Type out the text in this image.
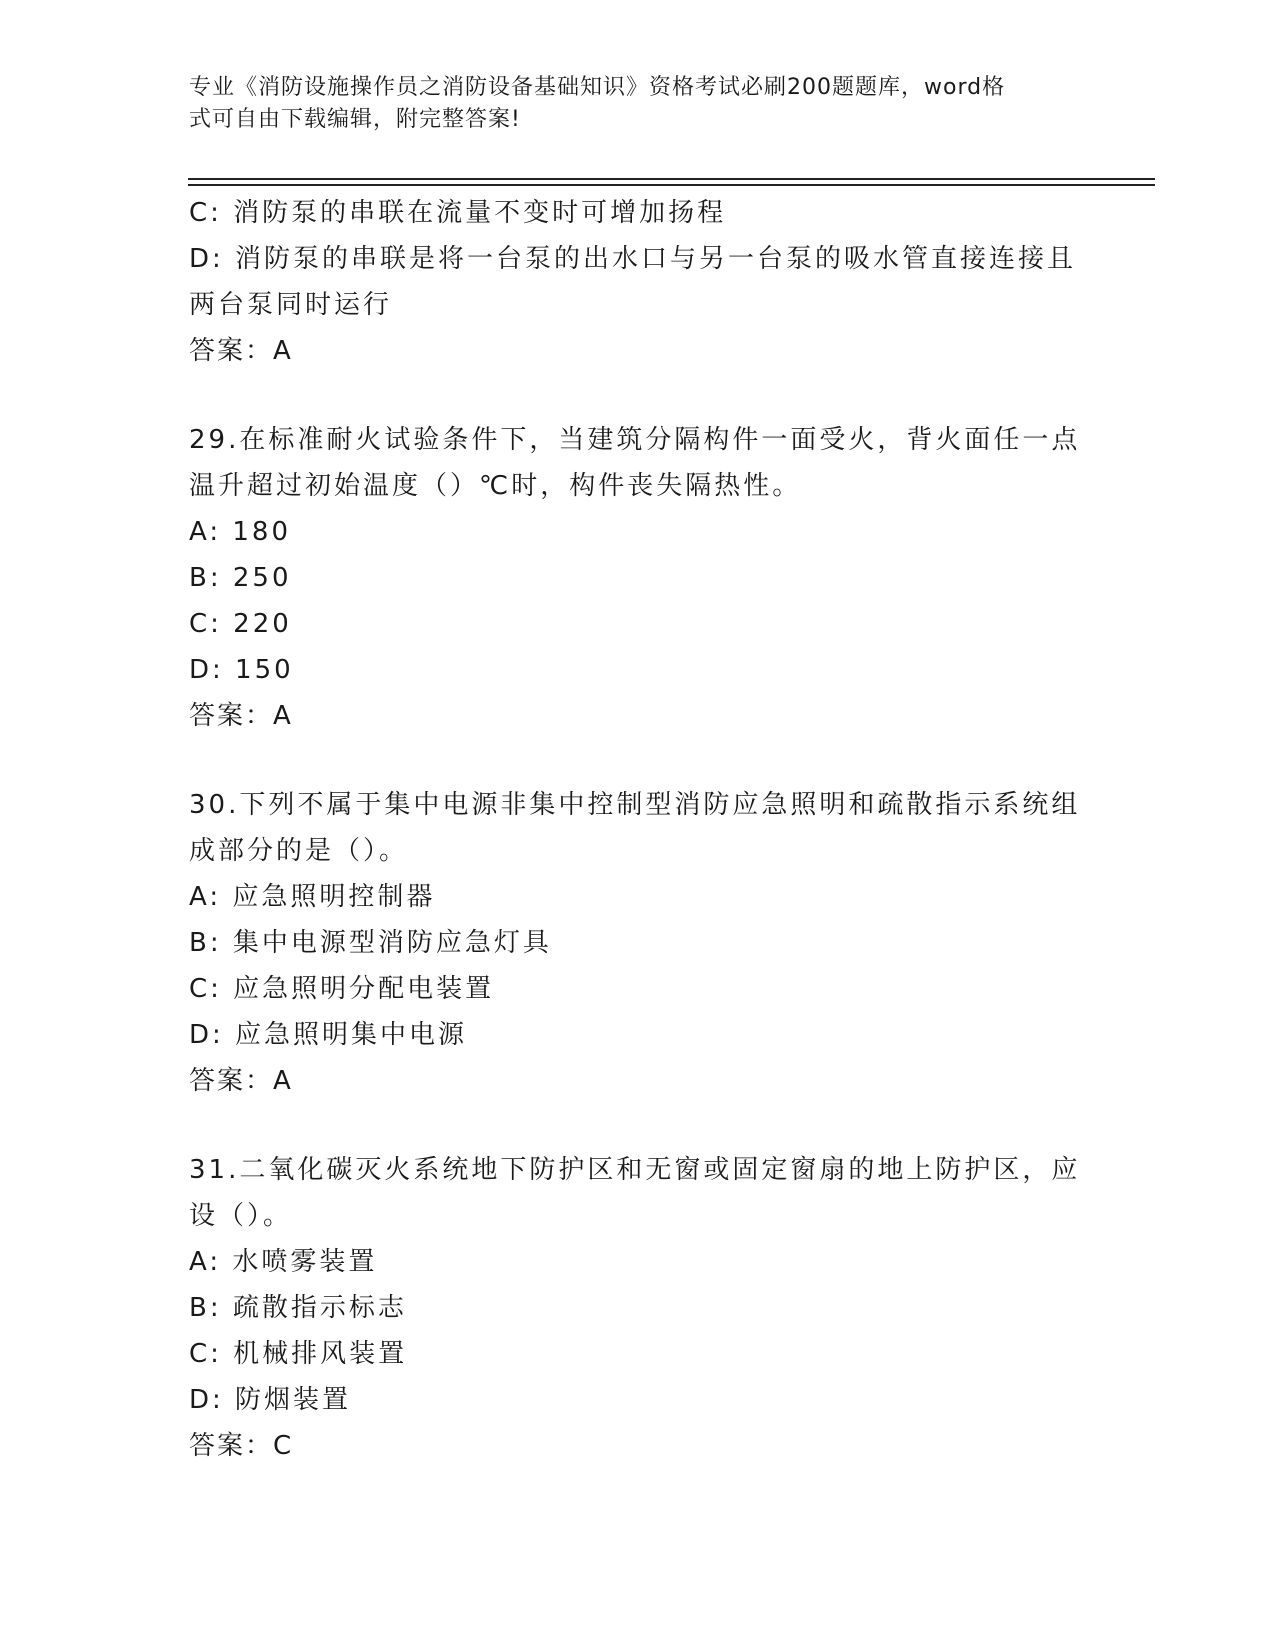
专业《消防设施操作员之消防设备基础知识》资格考试必刷200题题库，word格
式可自由下载编辑，附完整答案!
C: 消防泵的串联在流量不变时可增加扬程
D: 消防泵的串联是将一台泵的出水口与另一台泵的吸水管直接连接且
两台泵同时运行
答案：A
29.在标准耐火试验条件下，当建筑分隔构件一面受火，背火面任一点
温升超过初始温度（）℃时，构件丧失隔热性。
A: 180
B: 250
C: 220
D: 150
答案：A
30.下列不属于集中电源非集中控制型消防应急照明和疏散指示系统组
成部分的是（）。
A: 应急照明控制器
B: 集中电源型消防应急灯具
C: 应急照明分配电装置
D: 应急照明集中电源
答案：A
31.二氧化碳灭火系统地下防护区和无窗或固定窗扇的地上防护区，应
设（）。
A: 水喷雾装置
B: 疏散指示标志
C: 机械排风装置
D: 防烟装置
答案：C
